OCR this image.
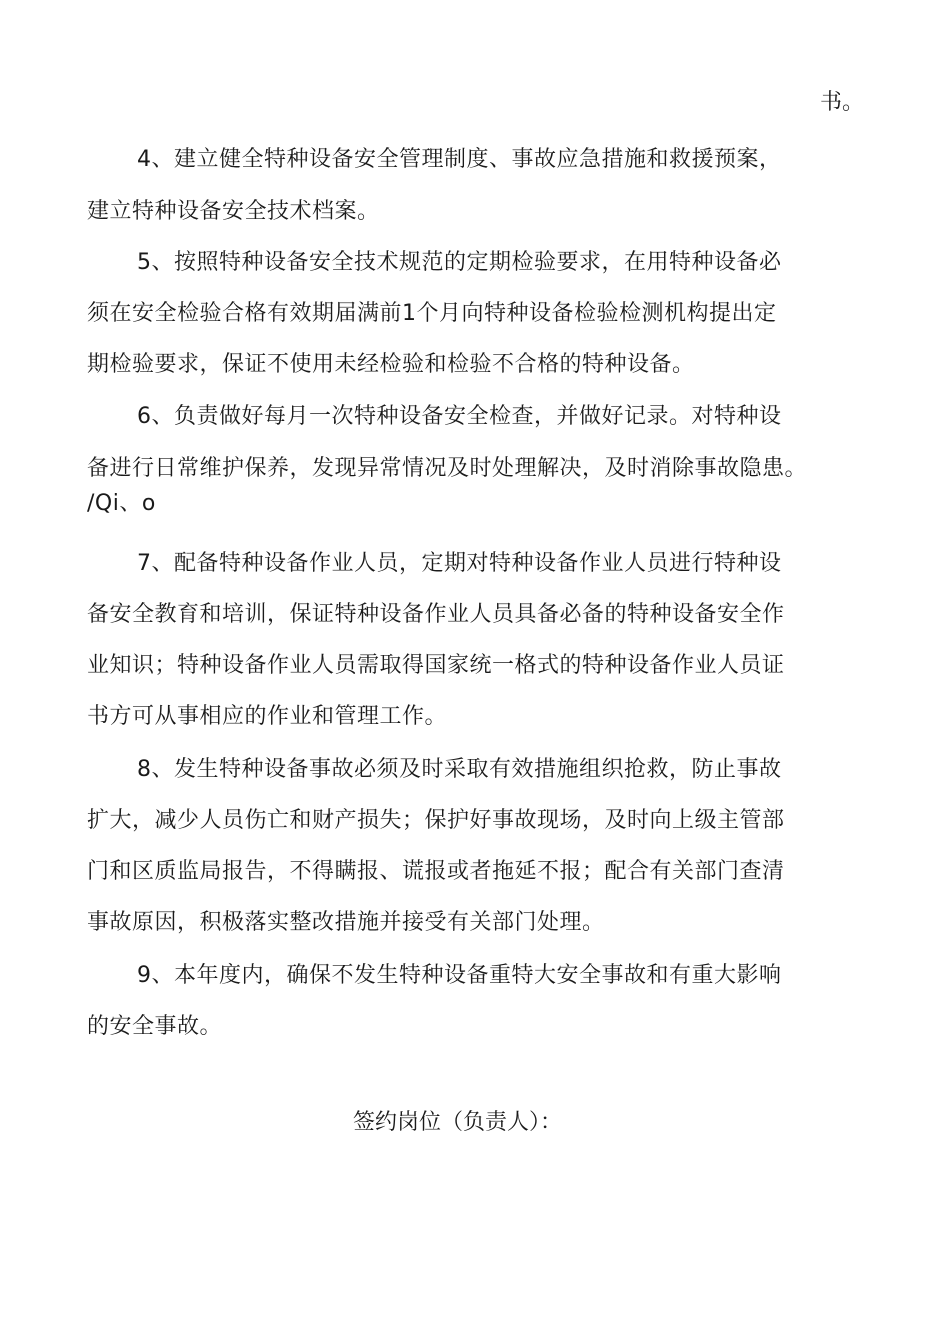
书。
4、建立健全特种设备安全管理制度、事故应急措施和救援预案，
建立特种设备安全技术档案。
5、按照特种设备安全技术规范的定期检验要求，在用特种设备必
须在安全检验合格有效期届满前1个月向特种设备检验检测机构提出定
期检验要求，保证不使用未经检验和检验不合格的特种设备。
6、负责做好每月一次特种设备安全检查，并做好记录。对特种设
备进行日常维护保养，发现异常情况及时处理解决，及时消除事故隐患。
/Qi、o
7、配备特种设备作业人员，定期对特种设备作业人员进行特种设
备安全教育和培训，保证特种设备作业人员具备必备的特种设备安全作
业知识；特种设备作业人员需取得国家统一格式的特种设备作业人员证
书方可从事相应的作业和管理工作。
8、发生特种设备事故必须及时采取有效措施组织抢救，防止事故
扩大，减少人员伤亡和财产损失；保护好事故现场，及时向上级主管部
门和区质监局报告，不得瞒报、谎报或者拖延不报；配合有关部门查清
事故原因，积极落实整改措施并接受有关部门处理。
9、本年度内，确保不发生特种设备重特大安全事故和有重大影响
的安全事故。
签约岗位（负责人）：
